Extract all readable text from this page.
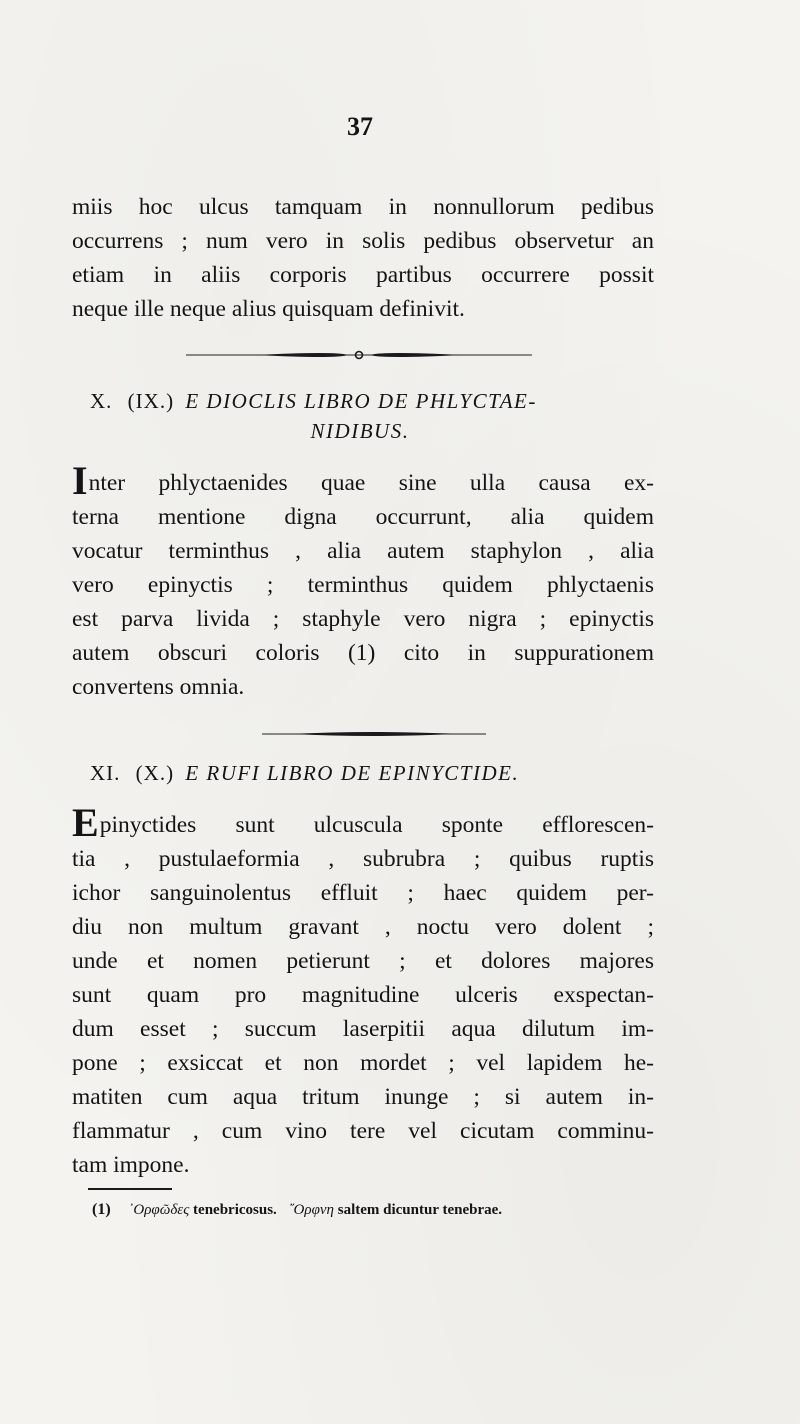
37
miis hoc ulcus tamquam in nonnullorum pedibus
occurrens ; num vero in solis pedibus observetur an
etiam in aliis corporis partibus occurrere possit
neque ille neque alius quisquam definivit.
X. (IX.) E DIOCLIS LIBRO DE PHLYCTAE-
NIDIBUS.
Inter phlyctaenides quae sine ulla causa ex-
terna mentione digna occurrunt, alia quidem
vocatur terminthus , alia autem staphylon , alia
vero epinyctis ; terminthus quidem phlyctaenis
est parva livida ; staphyle vero nigra ; epinyctis
autem obscuri coloris (1) cito in suppurationem
convertens omnia.
XI. (X.) E RUFI LIBRO DE EPINYCTIDE.
Epinyctides sunt ulcuscula sponte efflorescen-
tia , pustulaeformia , subrubra ; quibus ruptis
ichor sanguinolentus effluit ; haec quidem per-
diu non multum gravant , noctu vero dolent ;
unde et nomen petierunt ; et dolores majores
sunt quam pro magnitudine ulceris exspectan-
dum esset ; succum laserpitii aqua dilutum im-
pone ; exsiccat et non mordet ; vel lapidem he-
matiten cum aqua tritum inunge ; si autem in-
flammatur , cum vino tere vel cicutam comminu-
tam impone.
(1) ᾿Ορφῶδες tenebricosus. ῎Ορφνη saltem dicuntur tenebrae.
